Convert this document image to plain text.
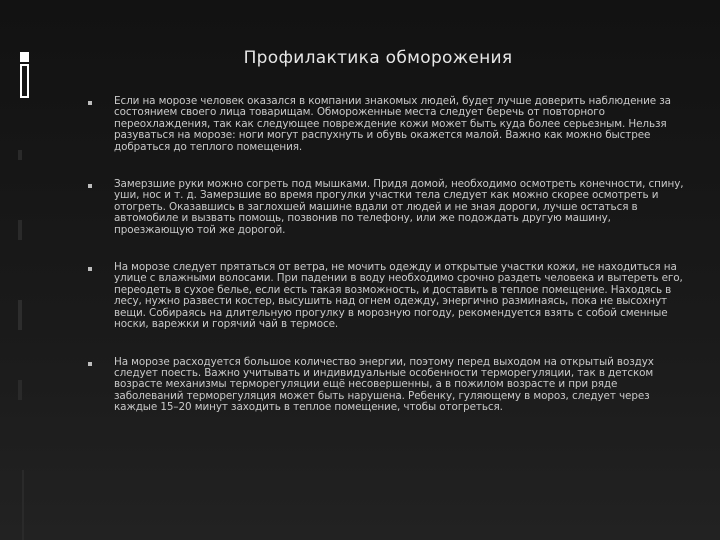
Профилактика обморожения
Если на морозе человек оказался в компании знакомых людей, будет лучше доверить наблюдение за состоянием своего лица товарищам. Обмороженные места следует беречь от повторного переохлаждения, так как следующее повреждение кожи может быть куда более серьезным. Нельзя разуваться на морозе: ноги могут распухнуть и обувь окажется малой. Важно как можно быстрее добраться до теплого помещения.
Замерзшие руки можно согреть под мышками. Придя домой, необходимо осмотреть конечности, спину, уши, нос и т. д. Замерзшие во время прогулки участки тела следует как можно скорее осмотреть и отогреть. Оказавшись в заглохшей машине вдали от людей и не зная дороги, лучше остаться в автомобиле и вызвать помощь, позвонив по телефону, или же подождать другую машину, проезжающую той же дорогой.
На морозе следует прятаться от ветра, не мочить одежду и открытые участки кожи, не находиться на улице с влажными волосами. При падении в воду необходимо срочно раздеть человека и вытереть его, переодеть в сухое белье, если есть такая возможность, и доставить в теплое помещение. Находясь в лесу, нужно развести костер, высушить над огнем одежду, энергично разминаясь, пока не высохнут вещи. Собираясь на длительную прогулку в морозную погоду, рекомендуется взять с собой сменные носки, варежки и горячий чай в термосе.
На морозе расходуется большое количество энергии, поэтому перед выходом на открытый воздух следует поесть. Важно учитывать и индивидуальные особенности терморегуляции, так в детском возрасте механизмы терморегуляции ещё несовершенны, а в пожилом возрасте и при ряде заболеваний терморегуляция может быть нарушена. Ребенку, гуляющему в мороз, следует через каждые 15–20 минут заходить в теплое помещение, чтобы отогреться.
